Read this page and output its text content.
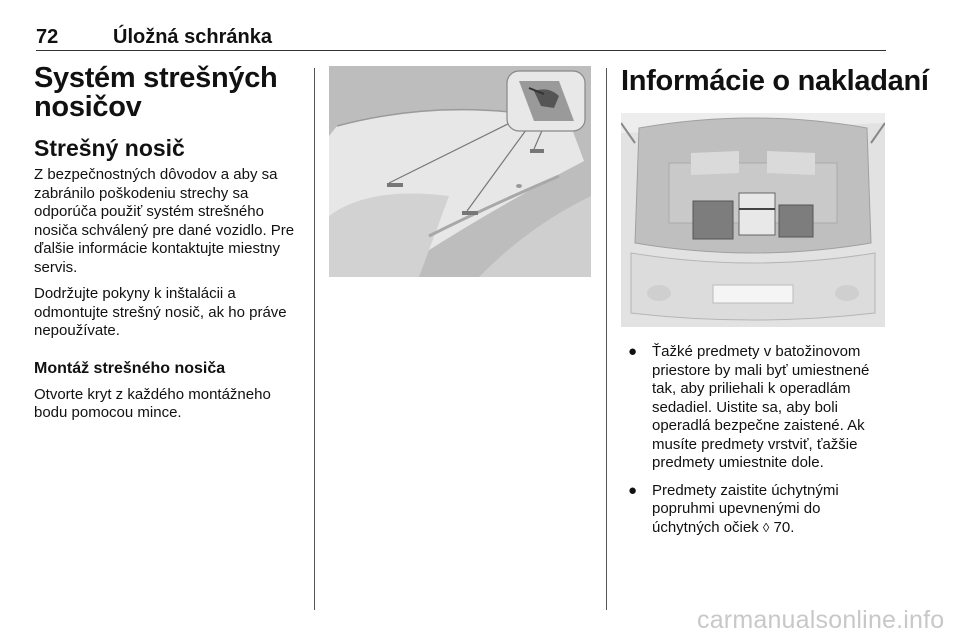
72	Úložná schránka
Systém strešných nosičov
Strešný nosič

Z bezpečnostných dôvodov a aby sa zabránilo poškodeniu strechy sa odporúča použiť systém strešného nosiča schválený pre dané vozidlo. Pre ďalšie informácie kontaktujte miestny servis.

Dodržujte pokyny k inštalácii a odmontujte strešný nosič, ak ho práve nepoužívate.

Montáž strešného nosiča

Otvorte kryt z každého montážneho bodu pomocou mince.

Informácie o nakladaní
● Ťažké predmety v batožinovom priestore by mali byť umiestnené tak, aby priliehali k operadlám sedadiel. Uistite sa, aby boli operadlá bezpečne zaistené. Ak musíte predmety vrstviť, ťažšie predmety umiestnite dole.
● Predmety zaistite úchytnými popruhmi upevnenými do úchytných očiek ◊ 70.
carmanualsonline.info
